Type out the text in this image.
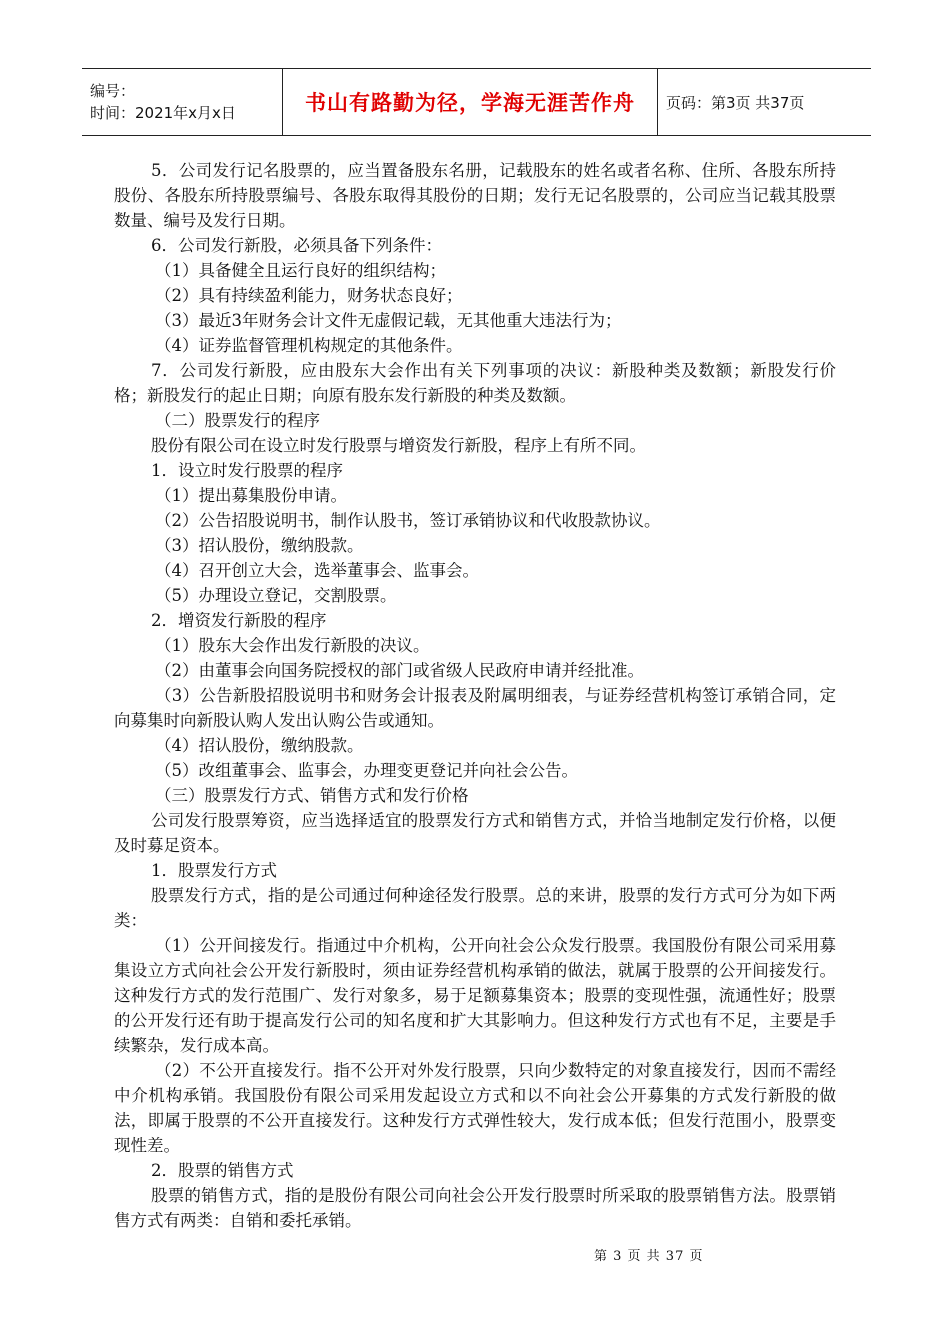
编号：
时间：2021年x月x日	书山有路勤为径，学海无涯苦作舟 页码：第3页 共37页

5．公司发行记名股票的，应当置备股东名册，记载股东的姓名或者名称、住所、各股东所持股份、各股东所持股票编号、各股东取得其股份的日期；发行无记名股票的，公司应当记载其股票数量、编号及发行日期。

6．公司发行新股，必须具备下列条件：

（1）具备健全且运行良好的组织结构；

（2）具有持续盈利能力，财务状态良好；

（3）最近3年财务会计文件无虚假记载，无其他重大违法行为；

（4）证券监督管理机构规定的其他条件。

7．公司发行新股，应由股东大会作出有关下列事项的决议：新股种类及数额；新股发行价格；新股发行的起止日期；向原有股东发行新股的种类及数额。

（二）股票发行的程序

股份有限公司在设立时发行股票与增资发行新股，程序上有所不同。

1．设立时发行股票的程序

（1）提出募集股份申请。

（2）公告招股说明书，制作认股书，签订承销协议和代收股款协议。

（3）招认股份，缴纳股款。

（4）召开创立大会，选举董事会、监事会。

（5）办理设立登记，交割股票。

2．增资发行新股的程序

（1）股东大会作出发行新股的决议。

（2）由董事会向国务院授权的部门或省级人民政府申请并经批准。

（3）公告新股招股说明书和财务会计报表及附属明细表，与证券经营机构签订承销合同，定向募集时向新股认购人发出认购公告或通知。

（4）招认股份，缴纳股款。

（5）改组董事会、监事会，办理变更登记并向社会公告。

（三）股票发行方式、销售方式和发行价格

公司发行股票筹资，应当选择适宜的股票发行方式和销售方式，并恰当地制定发行价格，以便及时募足资本。

1．股票发行方式

股票发行方式，指的是公司通过何种途径发行股票。总的来讲，股票的发行方式可分为如下两类：

（1）公开间接发行。指通过中介机构，公开向社会公众发行股票。我国股份有限公司采用募集设立方式向社会公开发行新股时，须由证券经营机构承销的做法，就属于股票的公开间接发行。这种发行方式的发行范围广、发行对象多，易于足额募集资本；股票的变现性强，流通性好；股票的公开发行还有助于提高发行公司的知名度和扩大其影响力。但这种发行方式也有不足，主要是手续繁杂，发行成本高。

（2）不公开直接发行。指不公开对外发行股票，只向少数特定的对象直接发行，因而不需经中介机构承销。我国股份有限公司采用发起设立方式和以不向社会公开募集的方式发行新股的做法，即属于股票的不公开直接发行。这种发行方式弹性较大，发行成本低；但发行范围小，股票变现性差。

2．股票的销售方式

股票的销售方式，指的是股份有限公司向社会公开发行股票时所采取的股票销售方法。股票销售方式有两类：自销和委托承销。

第 3 页 共 37 页
